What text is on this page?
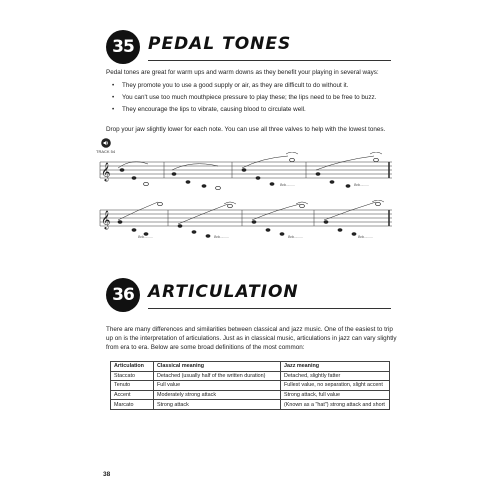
35 PEDAL TONES

Pedal tones are great for warm ups and warm downs as they benefit your playing in several ways:

• They promote you to use a good supply or air, as they are difficult to do without it.
• You can't use too much mouthpiece pressure to play these; the lips need to be free to buzz.
• They encourage the lips to vibrate, causing blood to circulate well.

Drop your jaw slightly lower for each note. You can use all three valves to help with the lowest tones.

TRACK 54
𝄞
8vb..........	8vb..........
𝄞
8vb..........	8vb..........	8vb..........	8vb..........
36 ARTICULATION

There are many differences and similarities between classical and jazz music. One of the easiest to trip up on is the interpretation of articulations. Just as in classical music, articulations in jazz can vary slightly from era to era. Below are some broad definitions of the most common:

Articulation	Classical meaning	Jazz meaning
Staccato	Detached (usually half of the written duration)	Detached, slightly fatter
Tenuto	Full value	Fullest value, no separation, slight accent
Accent	Moderately strong attack	Strong attack, full value
Marcato	Strong attack	(Known as a "hat") strong attack and short
38
